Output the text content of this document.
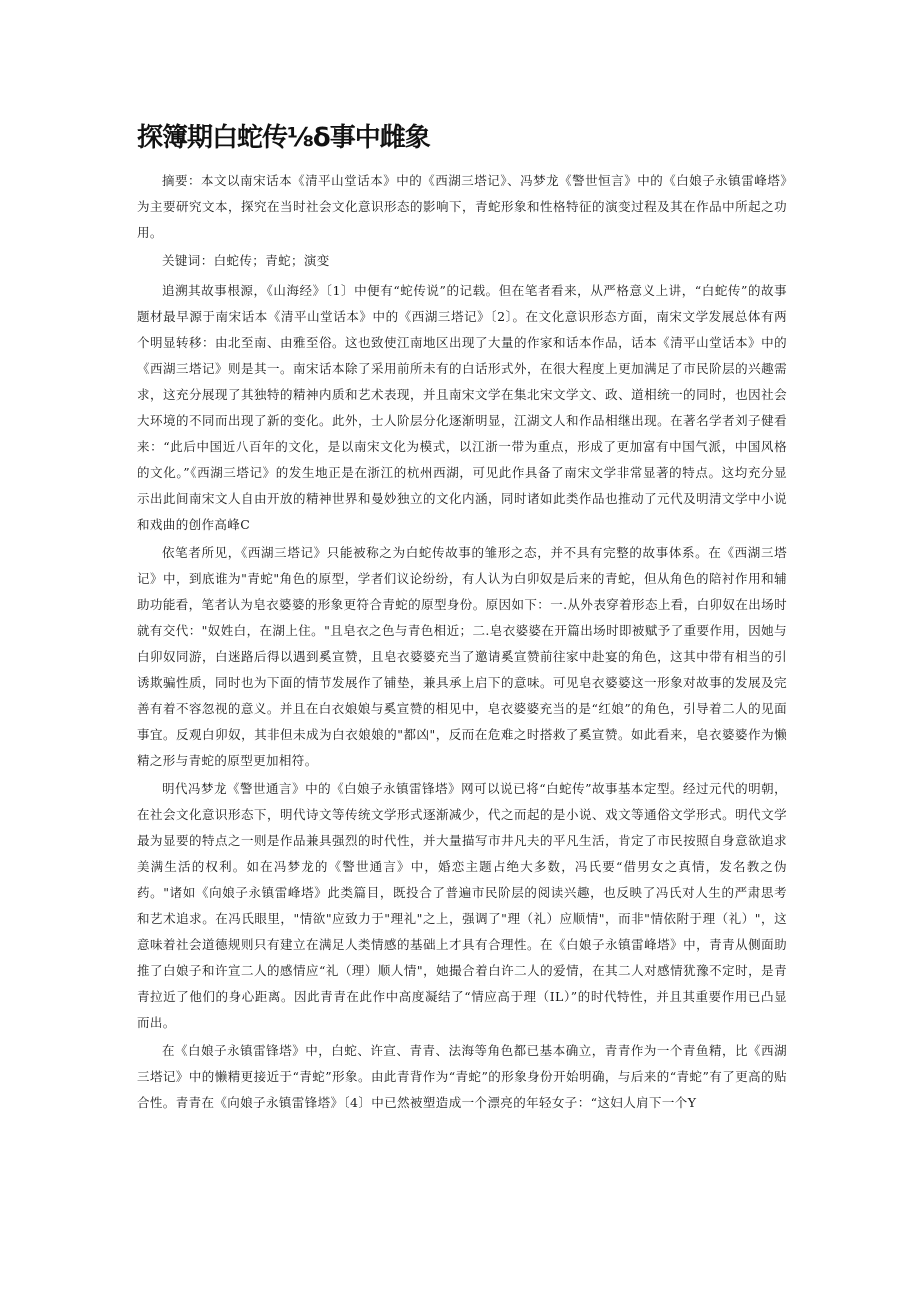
探簿期白蛇传⅛δ事中雌象

摘要：本文以南宋话本《清平山堂话本》中的《西湖三塔记》、冯梦龙《警世恒言》中的《白娘子永镇雷峰塔》为主要研究文本，探究在当时社会文化意识形态的影响下，青蛇形象和性格特征的演变过程及其在作品中所起之功用。

关键词：白蛇传；青蛇；演变

追溯其故事根源，《山海经》〔1〕中便有“蛇传说”的记载。但在笔者看来，从严格意义上讲，“白蛇传”的故事题材最早源于南宋话本《清平山堂话本》中的《西湖三塔记》〔2〕。在文化意识形态方面，南宋文学发展总体有两个明显转移：由北至南、由雅至俗。这也致使江南地区出现了大量的作家和话本作品，话本《清平山堂话本》中的《西湖三塔记》则是其一。南宋话本除了采用前所未有的白话形式外，在很大程度上更加满足了市民阶层的兴趣需求，这充分展现了其独特的精神内质和艺术表现，并且南宋文学在集北宋文学文、政、道相统一的同时，也因社会大环境的不同而出现了新的变化。此外，士人阶层分化逐渐明显，江湖文人和作品相继出现。在著名学者刘子健看来：“此后中国近八百年的文化，是以南宋文化为模式，以江浙一带为重点，形成了更加富有中国气派，中国风格的文化。”《西湖三塔记》的发生地正是在浙江的杭州西湖，可见此作具备了南宋文学非常显著的特点。这均充分显示出此间南宋文人自由开放的精神世界和曼妙独立的文化内涵，同时诸如此类作品也推动了元代及明清文学中小说和戏曲的创作高峰C

依笔者所见，《西湖三塔记》只能被称之为白蛇传故事的雏形之态，并不具有完整的故事体系。在《西湖三塔记》中，到底谁为"青蛇"角色的原型，学者们议论纷纷，有人认为白卯奴是后来的青蛇，但从角色的陪衬作用和辅助功能看，笔者认为皂衣婆婆的形象更符合青蛇的原型身份。原因如下：一.从外表穿着形态上看，白卯奴在出场时就有交代："奴姓白，在湖上住。"且皂衣之色与青色相近；二.皂衣婆婆在开篇出场时即被赋予了重要作用，因她与白卯奴同游，白迷路后得以遇到奚宣赞，且皂衣婆婆充当了邀请奚宣赞前往家中赴宴的角色，这其中带有相当的引诱欺骗性质，同时也为下面的情节发展作了铺垫，兼具承上启下的意味。可见皂衣婆婆这一形象对故事的发展及完善有着不容忽视的意义。并且在白衣娘娘与奚宣赞的相见中，皂衣婆婆充当的是“红娘”的角色，引导着二人的见面事宜。反观白卯奴，其非但未成为白衣娘娘的"都凶"，反而在危难之时搭救了奚宣赞。如此看来，皂衣婆婆作为懒精之形与青蛇的原型更加相符。

明代冯梦龙《警世通言》中的《白娘子永镇雷锋塔》网可以说已将“白蛇传”故事基本定型。经过元代的明朝，在社会文化意识形态下，明代诗文等传统文学形式逐渐减少，代之而起的是小说、戏文等通俗文学形式。明代文学最为显要的特点之一则是作品兼具强烈的时代性，并大量描写市井凡夫的平凡生活，肯定了市民按照自身意欲追求美满生活的权利。如在冯梦龙的《警世通言》中，婚恋主题占绝大多数，冯氏要“借男女之真情，发名教之伪药。"诸如《向娘子永镇雷峰塔》此类篇目，既投合了普遍市民阶层的阅读兴趣，也反映了冯氏对人生的严肃思考和艺术追求。在冯氏眼里，"情欲"应致力于"理礼"之上，强调了"理（礼）应顺情"，而非"情依附于理（礼）"，这意味着社会道德规则只有建立在满足人类情感的基础上才具有合理性。在《白娘子永镇雷峰塔》中，青青从侧面助推了白娘子和许宣二人的感情应“礼（理）顺人情"，她撮合着白许二人的爱情，在其二人对感情犹豫不定时，是青青拉近了他们的身心距离。因此青青在此作中高度凝结了“情应高于理（IL）”的时代特性，并且其重要作用已凸显而出。

在《白娘子永镇雷锋塔》中，白蛇、许宣、青青、法海等角色都已基本确立，青青作为一个青鱼精，比《西湖三塔记》中的懒精更接近于“青蛇”形象。由此青背作为“青蛇”的形象身份开始明确，与后来的“青蛇”有了更高的贴合性。青青在《向娘子永镇雷锋塔》〔4〕中已然被塑造成一个漂亮的年轻女子：“这妇人肩下一个Y
